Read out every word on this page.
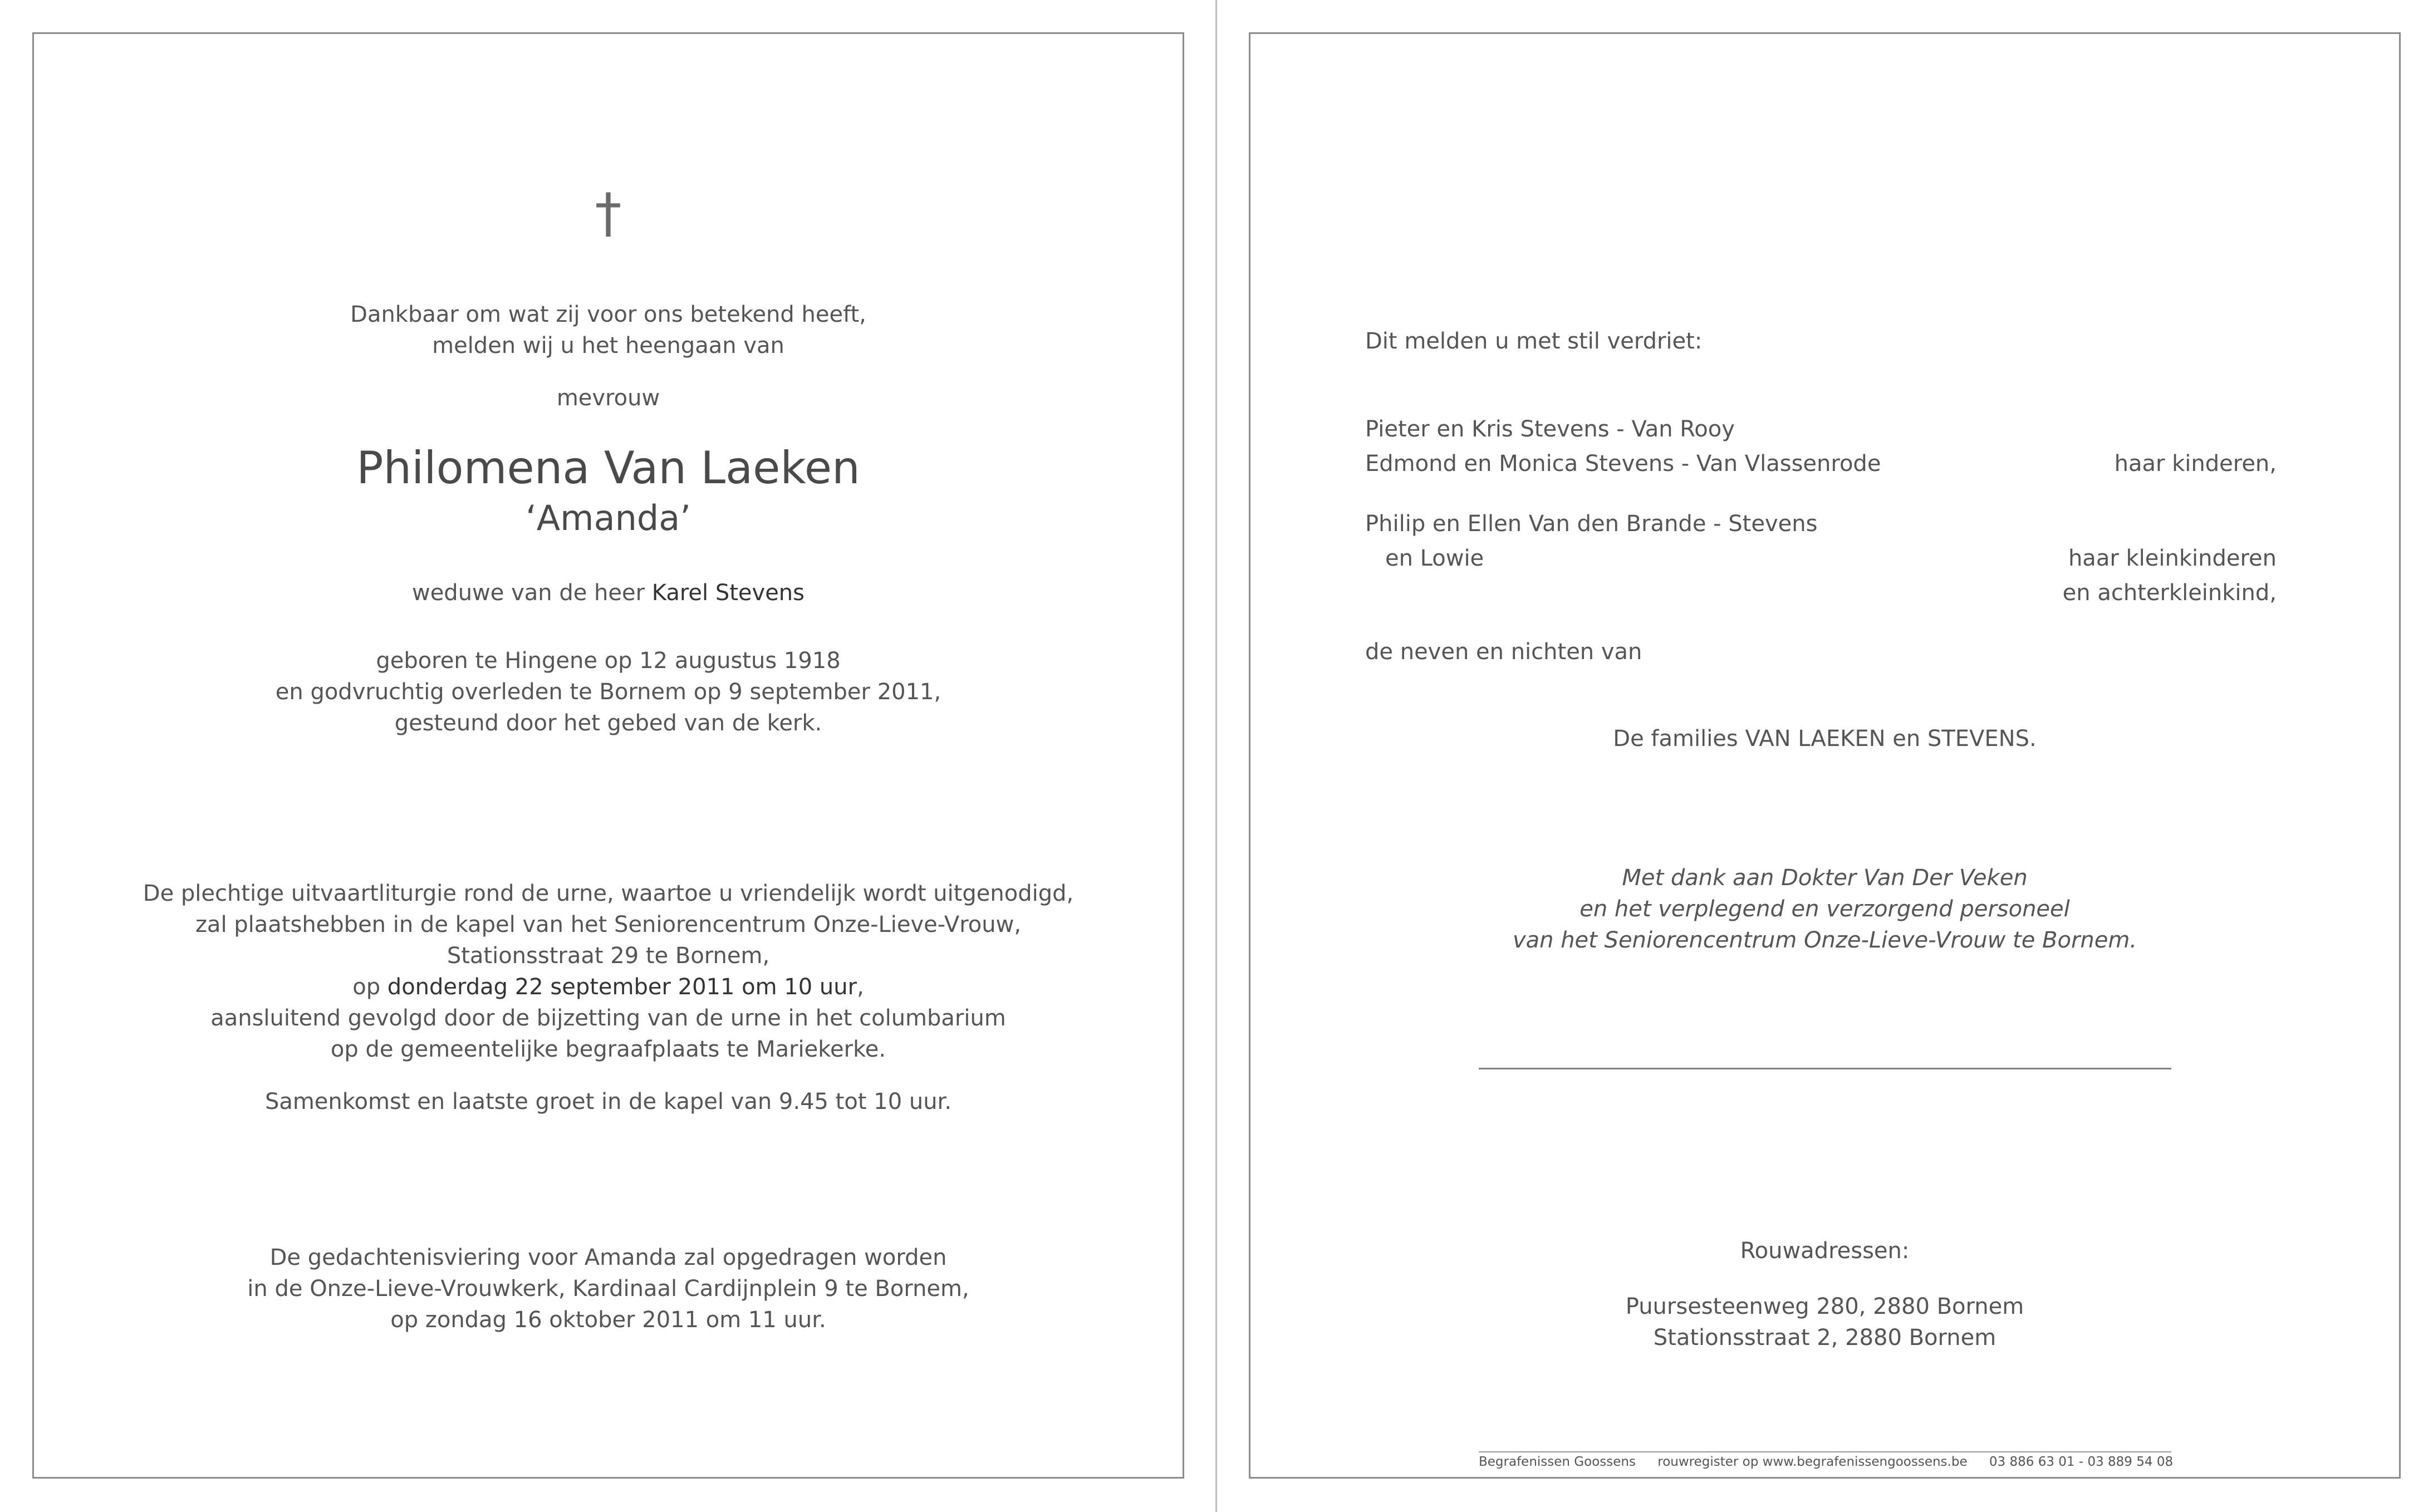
†
Dankbaar om wat zij voor ons betekend heeft,
melden wij u het heengaan van
mevrouw
Philomena Van Laeken
‘Amanda’
weduwe van de heer Karel Stevens
geboren te Hingene op 12 augustus 1918
en godvruchtig overleden te Bornem op 9 september 2011,
gesteund door het gebed van de kerk.
De plechtige uitvaartliturgie rond de urne, waartoe u vriendelijk wordt uitgenodigd,
zal plaatshebben in de kapel van het Seniorencentrum Onze-Lieve-Vrouw,
Stationsstraat 29 te Bornem,
op donderdag 22 september 2011 om 10 uur,
aansluitend gevolgd door de bijzetting van de urne in het columbarium
op de gemeentelijke begraafplaats te Mariekerke.
Samenkomst en laatste groet in de kapel van 9.45 tot 10 uur.
De gedachtenisviering voor Amanda zal opgedragen worden
in de Onze-Lieve-Vrouwkerk, Kardinaal Cardijnplein 9 te Bornem,
op zondag 16 oktober 2011 om 11 uur.
Dit melden u met stil verdriet:
Pieter en Kris Stevens - Van Rooy
Edmond en Monica Stevens - Van Vlassenrode	haar kinderen,
Philip en Ellen Van den Brande - Stevens
en Lowie	haar kleinkinderen
en achterkleinkind,
de neven en nichten van
De families VAN LAEKEN en STEVENS.
Met dank aan Dokter Van Der Veken
en het verplegend en verzorgend personeel
van het Seniorencentrum Onze-Lieve-Vrouw te Bornem.
Rouwadressen:
Puursesteenweg 280, 2880 Bornem
Stationsstraat 2, 2880 Bornem
Begrafenissen Goossens rouwregister op www.begrafenissengoossens.be 03 886 63 01 - 03 889 54 08
